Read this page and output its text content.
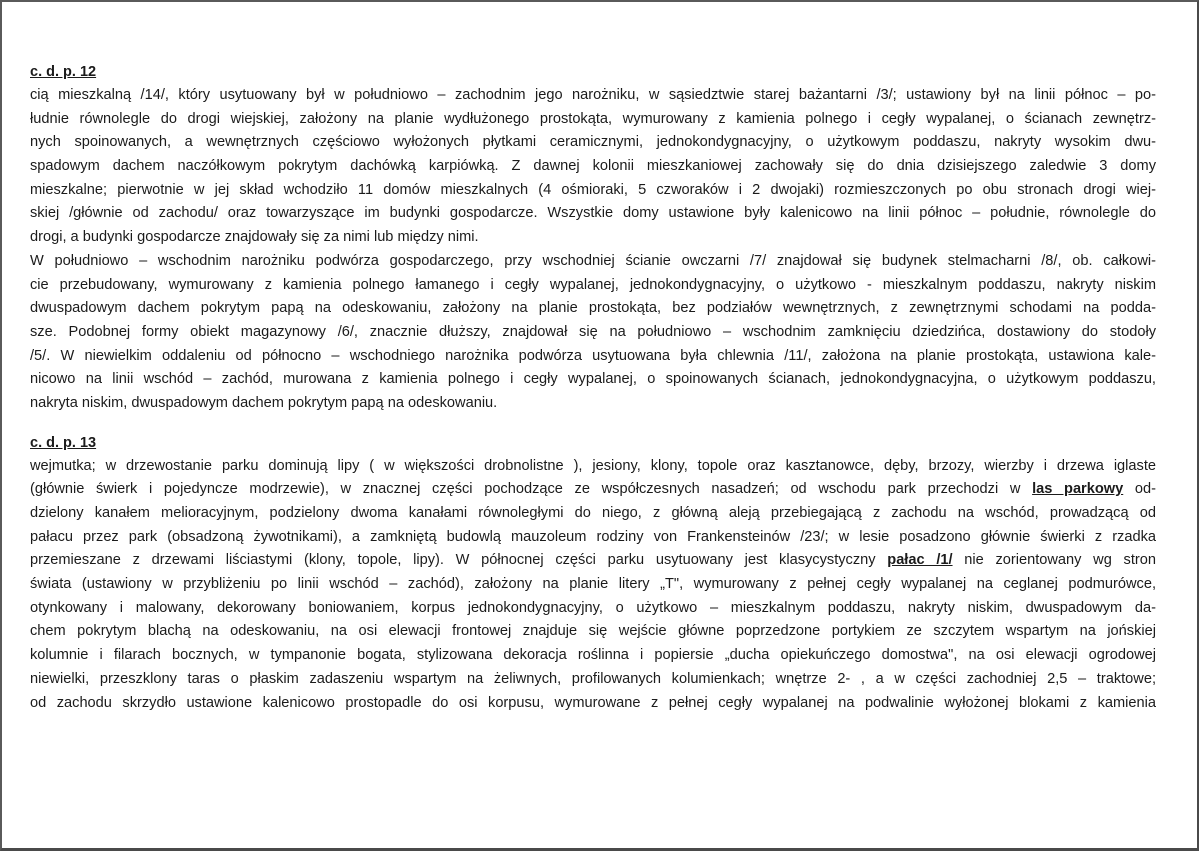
c. d. p. 12
cią mieszkalną /14/, który usytuowany był w południowo – zachodnim jego narożniku, w sąsiedztwie starej bażantarni /3/; ustawiony był na linii północ – po-
łudnie równolegle do drogi wiejskiej, założony na planie wydłużonego prostokąta, wymurowany z kamienia polnego i cegły wypalanej, o ścianach zewnętrz-
nych spoinowanych, a wewnętrznych częściowo wyłożonych płytkami ceramicznymi, jednokondygnacyjny, o użytkowym poddaszu, nakryty wysokim dwu-
spadowym dachem naczółkowym pokrytym dachówką karpiówką. Z dawnej kolonii mieszkaniowej zachowały się do dnia dzisiejszego zaledwie 3 domy
mieszkalne; pierwotnie w jej skład wchodziło 11 domów mieszkalnych (4 ośmioraki, 5 czworaków i 2 dwojaki) rozmieszczonych po obu stronach drogi wiej-
skiej /głównie od zachodu/ oraz towarzyszące im budynki gospodarcze. Wszystkie domy ustawione były kalenicowo na linii północ – południe, równolegle do
drogi, a budynki gospodarcze znajdowały się za nimi lub między nimi.
W południowo – wschodnim narożniku podwórza gospodarczego, przy wschodniej ścianie owczarni /7/ znajdował się budynek stelmacharni /8/, ob. całkowi-
cie przebudowany, wymurowany z kamienia polnego łamanego i cegły wypalanej, jednokondygnacyjny, o użytkowo - mieszkalnym poddaszu, nakryty niskim
dwuspadowym dachem pokrytym papą na odeskowaniu, założony na planie prostokąta, bez podziałów wewnętrznych, z zewnętrznymi schodami na podda-
sze. Podobnej formy obiekt magazynowy /6/, znacznie dłuższy, znajdował się na południowo – wschodnim zamknięciu dziedzińca, dostawiony do stodoły
/5/. W niewielkim oddaleniu od północno – wschodniego narożnika podwórza usytuowana była chlewnia /11/, założona na planie prostokąta, ustawiona kale-
nicowo na linii wschód – zachód, murowana z kamienia polnego i cegły wypalanej, o spoinowanych ścianach, jednokondygnacyjna, o użytkowym poddaszu,
nakryta niskim, dwuspadowym dachem pokrytym papą na odeskowaniu.
c. d. p. 13
wejmutka; w drzewostanie parku dominują lipy ( w większości drobnolistne ), jesiony, klony, topole oraz kasztanowce, dęby, brzozy, wierzby i drzewa iglaste
(głównie świerk i pojedyncze modrzewie), w znacznej części pochodzące ze współczesnych nasadzeń; od wschodu park przechodzi w las parkowy od-
dzielony kanałem melioracyjnym, podzielony dwoma kanałami równoległymi do niego, z główną aleją przebiegającą z zachodu na wschód, prowadzącą od
pałacu przez park (obsadzoną żywotnikami), a zamkniętą budowlą mauzoleum rodziny von Frankensteinów /23/; w lesie posadzono głównie świerki z rzadka
przemieszane z drzewami liściastymi (klony, topole, lipy). W północnej części parku usytuowany jest klasycystyczny pałac /1/ nie zorientowany wg stron
świata (ustawiony w przybliżeniu po linii wschód – zachód), założony na planie litery „T", wymurowany z pełnej cegły wypalanej na ceglanej podmurówce,
otynkowany i malowany, dekorowany boniowaniem, korpus jednokondygnacyjny, o użytkowo – mieszkalnym poddaszu, nakryty niskim, dwuspadowym da-
chem pokrytym blachą na odeskowaniu, na osi elewacji frontowej znajduje się wejście główne poprzedzone portykiem ze szczytem wspartym na jońskiej
kolumnie i filarach bocznych, w tympanonie bogata, stylizowana dekoracja roślinna i popiersie „ducha opiekuńczego domostwa", na osi elewacji ogrodowej
niewielki, przeszklony taras o płaskim zadaszeniu wspartym na żeliwnych, profilowanych kolumienkach; wnętrze 2- , a w części zachodniej 2,5 – traktowe;
od zachodu skrzydło ustawione kalenicowo prostopadle do osi korpusu, wymurowane z pełnej cegły wypalanej na podwalinie wyłożonej blokami z kamienia
